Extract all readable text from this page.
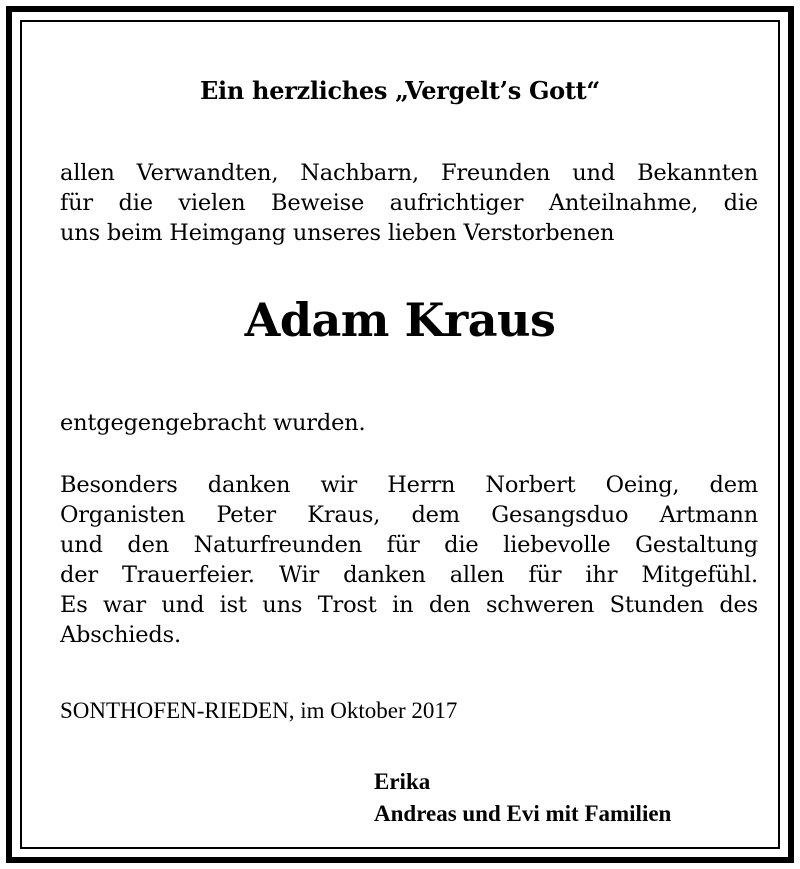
Ein herzliches „Vergelt’s Gott“
allen Verwandten, Nachbarn, Freunden und Bekannten
für die vielen Beweise aufrichtiger Anteilnahme, die
uns beim Heimgang unseres lieben Verstorbenen
Adam Kraus
entgegengebracht wurden.
Besonders danken wir Herrn Norbert Oeing, dem
Organisten Peter Kraus, dem Gesangsduo Artmann
und den Naturfreunden für die liebevolle Gestaltung
der Trauerfeier. Wir danken allen für ihr Mitgefühl.
Es war und ist uns Trost in den schweren Stunden des
Abschieds.
SONTHOFEN-RIEDEN, im Oktober 2017
Erika
Andreas und Evi mit Familien
